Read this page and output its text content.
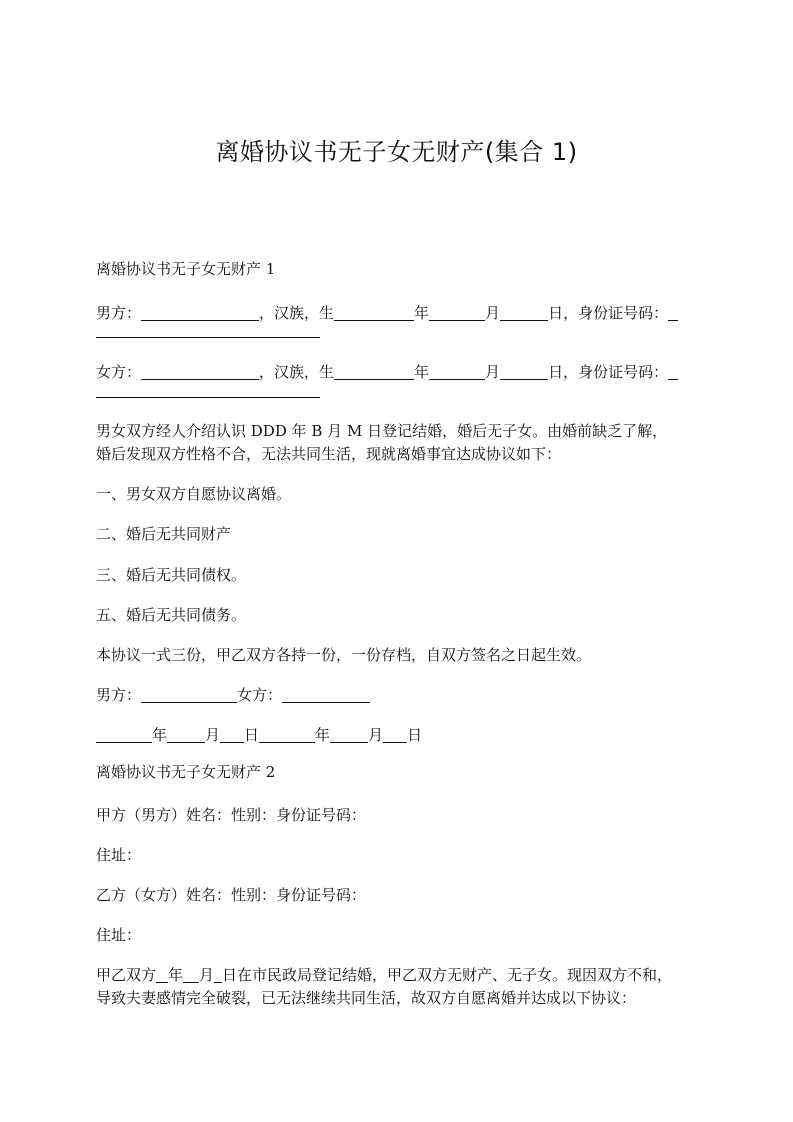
离婚协议书无子女无财产(集合 1)
离婚协议书无子女无财产 1
男方：	，汉族，生	年	月	日，身份证号码：
女方：	，汉族，生	年	月	日，身份证号码：
男女双方经人介绍认识 DDD 年 B 月 M 日登记结婚，婚后无子女。由婚前缺乏了解，
婚后发现双方性格不合，无法共同生活，现就离婚事宜达成协议如下：
一、男女双方自愿协议离婚。
二、婚后无共同财产
三、婚后无共同债权。
五、婚后无共同债务。
本协议一式三份，甲乙双方各持一份，一份存档，自双方签名之日起生效。
男方：	女方：
年	月 日	年	月 日
离婚协议书无子女无财产 2
甲方（男方）姓名：性别：身份证号码：
住址：
乙方（女方）姓名：性别：身份证号码：
住址：
甲乙双方 年 月 日在市民政局登记结婚，甲乙双方无财产、无子女。现因双方不和，
导致夫妻感情完全破裂，已无法继续共同生活，故双方自愿离婚并达成以下协议：
